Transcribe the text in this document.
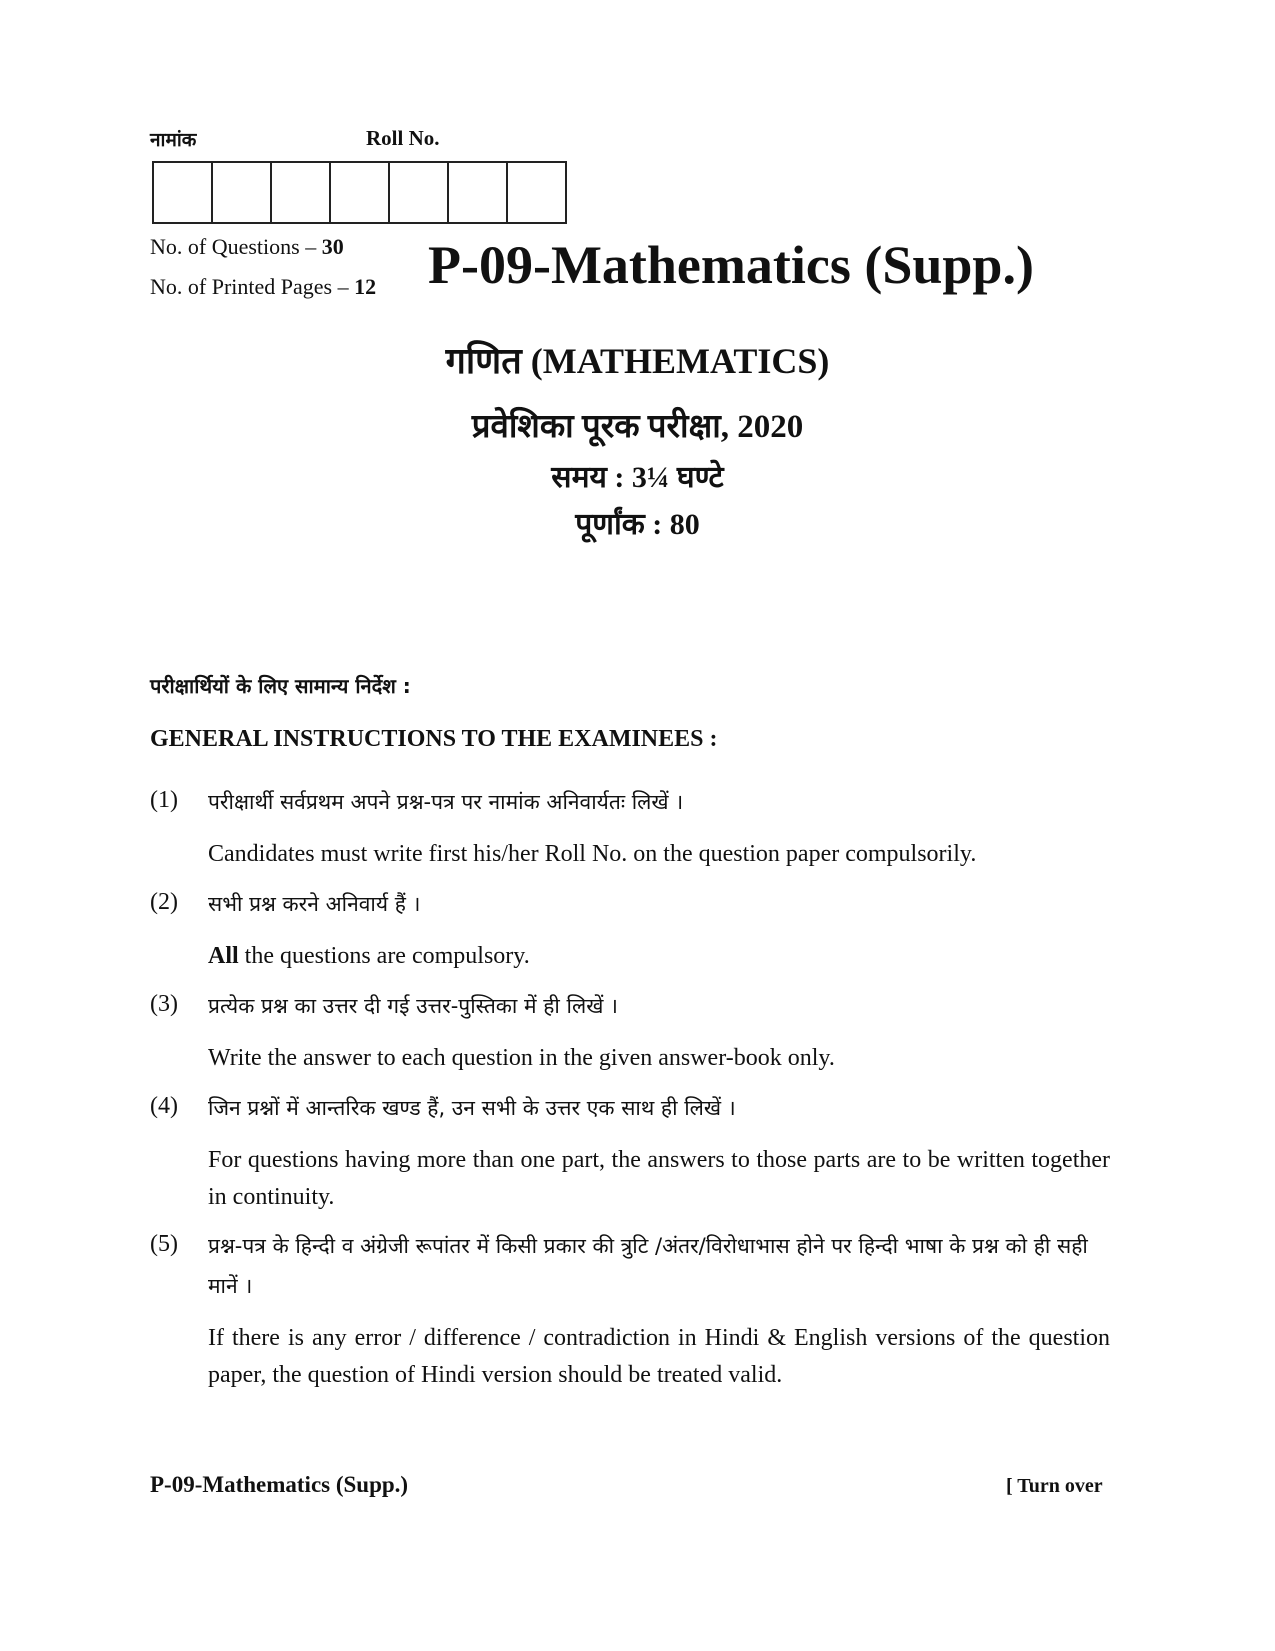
नामांक	Roll No.
No. of Questions – 30
No. of Printed Pages – 12 P-09-Mathematics (Supp.)
गणित (MATHEMATICS)
प्रवेशिका पूरक परीक्षा, 2020
समय : 3¼ घण्टे
पूर्णांक : 80
परीक्षार्थियों के लिए सामान्य निर्देश :
GENERAL INSTRUCTIONS TO THE EXAMINEES :
(1) परीक्षार्थी सर्वप्रथम अपने प्रश्न-पत्र पर नामांक अनिवार्यतः लिखें ।
Candidates must write first his/her Roll No. on the question paper compulsorily.
(2) सभी प्रश्न करने अनिवार्य हैं ।
All the questions are compulsory.
(3) प्रत्येक प्रश्न का उत्तर दी गई उत्तर-पुस्तिका में ही लिखें ।
Write the answer to each question in the given answer-book only.
(4) जिन प्रश्नों में आन्तरिक खण्ड हैं, उन सभी के उत्तर एक साथ ही लिखें ।
For questions having more than one part, the answers to those parts are to be written together in continuity.
(5) प्रश्न-पत्र के हिन्दी व अंग्रेजी रूपांतर में किसी प्रकार की त्रुटि /अंतर/विरोधाभास होने पर हिन्दी भाषा के प्रश्न को ही सही मानें ।
If there is any error / difference / contradiction in Hindi & English versions of the question paper, the question of Hindi version should be treated valid.
P-09-Mathematics (Supp.)	[ Turn over
